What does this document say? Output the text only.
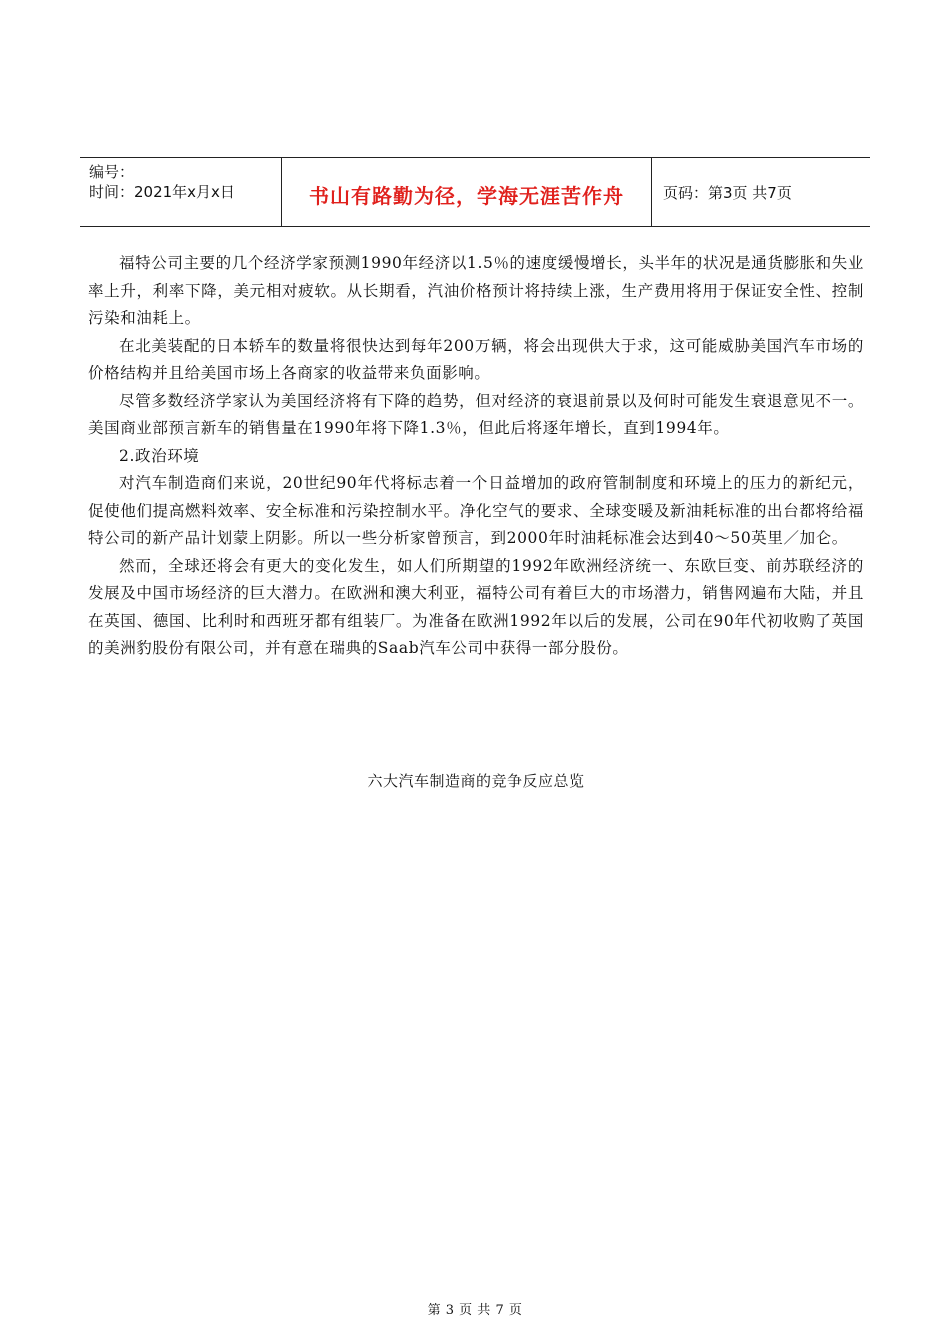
编号：
时间：2021年x月x日	书山有路勤为径，学海无涯苦作舟	页码：第3页 共7页

福特公司主要的几个经济学家预测1990年经济以1.5％的速度缓慢增长，头半年的状况是通货膨胀和失业率上升，利率下降，美元相对疲软。从长期看，汽油价格预计将持续上涨，生产费用将用于保证安全性、控制污染和油耗上。

在北美装配的日本轿车的数量将很快达到每年200万辆，将会出现供大于求，这可能威胁美国汽车市场的价格结构并且给美国市场上各商家的收益带来负面影响。

尽管多数经济学家认为美国经济将有下降的趋势，但对经济的衰退前景以及何时可能发生衰退意见不一。美国商业部预言新车的销售量在1990年将下降1.3％，但此后将逐年增长，直到1994年。

2.政治环境

对汽车制造商们来说，20世纪90年代将标志着一个日益增加的政府管制制度和环境上的压力的新纪元，促使他们提高燃料效率、安全标准和污染控制水平。净化空气的要求、全球变暖及新油耗标准的出台都将给福特公司的新产品计划蒙上阴影。所以一些分析家曾预言，到2000年时油耗标准会达到40～50英里／加仑。

然而，全球还将会有更大的变化发生，如人们所期望的1992年欧洲经济统一、东欧巨变、前苏联经济的发展及中国市场经济的巨大潜力。在欧洲和澳大利亚，福特公司有着巨大的市场潜力，销售网遍布大陆，并且在英国、德国、比利时和西班牙都有组装厂。为准备在欧洲1992年以后的发展，公司在90年代初收购了英国的美洲豹股份有限公司，并有意在瑞典的Saab汽车公司中获得一部分股份。

六大汽车制造商的竞争反应总览
第 3 页 共 7 页
